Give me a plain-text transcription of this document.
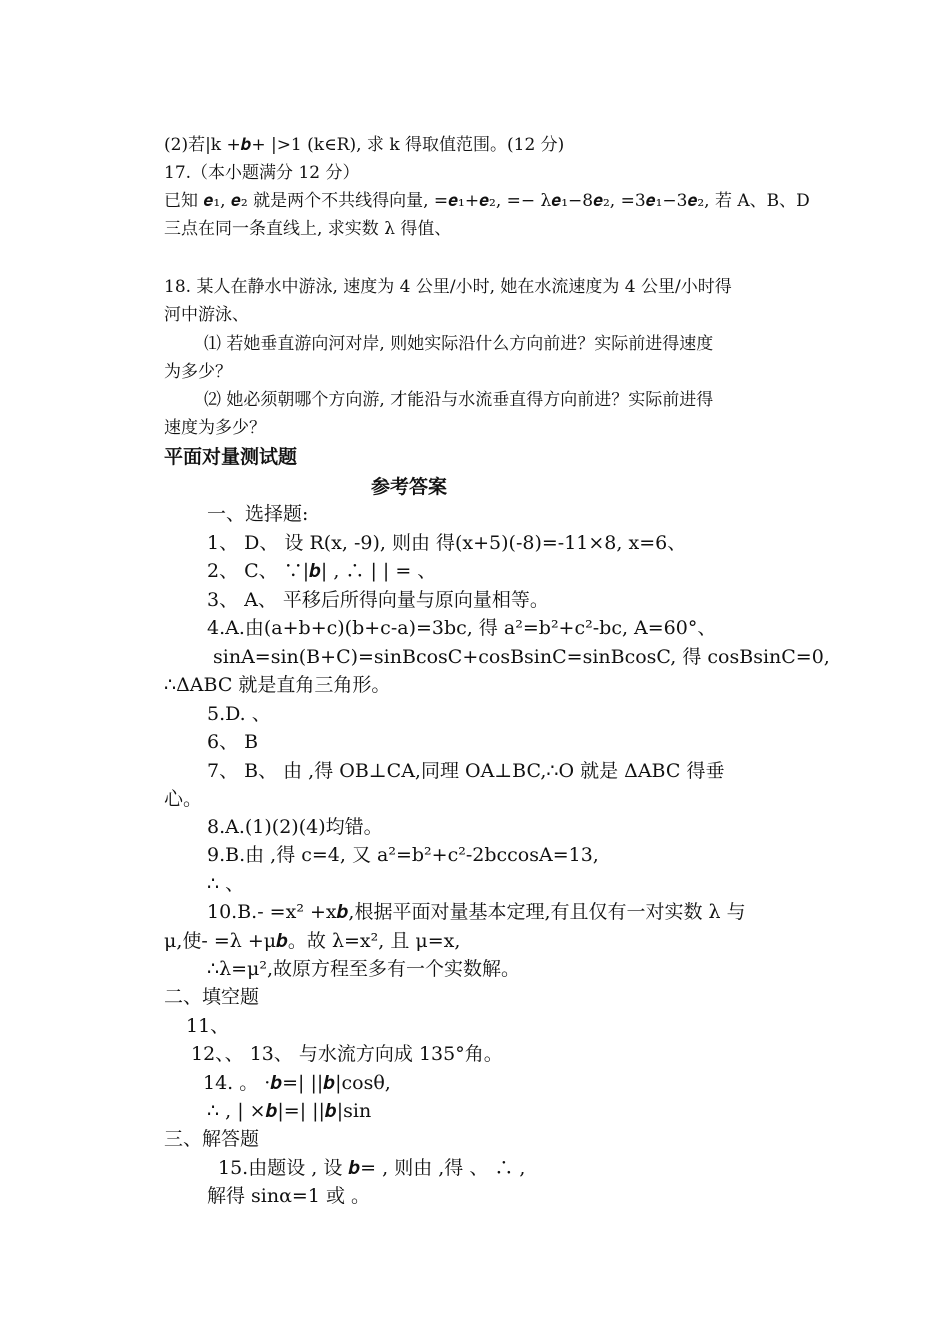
(2)若|k +𝒃+ |>1 (k∈R), 求 k 得取值范围。(12 分)
17.（本小题满分 12 分）
已知 𝒆₁, 𝒆₂ 就是两个不共线得向量, =𝒆₁+𝒆₂, =− λ𝒆₁−8𝒆₂, =3𝒆₁−3𝒆₂, 若 A、B、D
三点在同一条直线上, 求实数 λ 得值、
18. 某人在静水中游泳, 速度为 4 公里/小时, 她在水流速度为 4 公里/小时得
河中游泳、
⑴ 若她垂直游向河对岸, 则她实际沿什么方向前进？实际前进得速度
为多少？
⑵ 她必须朝哪个方向游, 才能沿与水流垂直得方向前进？实际前进得
速度为多少？
平面对量测试题
参考答案
一、选择题:
1、 D、 设 R(x, -9), 则由 得(x+5)(-8)=-11×8, x=6、
2、 C、 ∵|𝒃| , ∴ | | = 、
3、 A、 平移后所得向量与原向量相等。
4.A.由(a+b+c)(b+c-a)=3bc, 得 a²=b²+c²-bc, A=60°、
sinA=sin(B+C)=sinBcosC+cosBsinC=sinBcosC, 得 cosBsinC=0,
∴ΔABC 就是直角三角形。
5.D. 、
6、 B
7、 B、 由 ,得 OB⊥CA,同理 OA⊥BC,∴O 就是 ΔABC 得垂
心。
8.A.(1)(2)(4)均错。
9.B.由 ,得 c=4, 又 a²=b²+c²-2bccosA=13,
∴ 、
10.B.- =x² +x𝒃,根据平面对量基本定理,有且仅有一对实数 λ 与
μ,使- =λ +μ𝒃。故 λ=x², 且 μ=x,
∴λ=μ²,故原方程至多有一个实数解。
二、填空题
11、
12、、 13、 与水流方向成 135°角。
14. 。 ·𝒃=| ||𝒃|cosθ,
∴ , | ×𝒃|=| ||𝒃|sin
三、解答题
15.由题设 , 设 𝒃= , 则由 ,得 、 ∴ ,
解得 sinα=1 或 。
